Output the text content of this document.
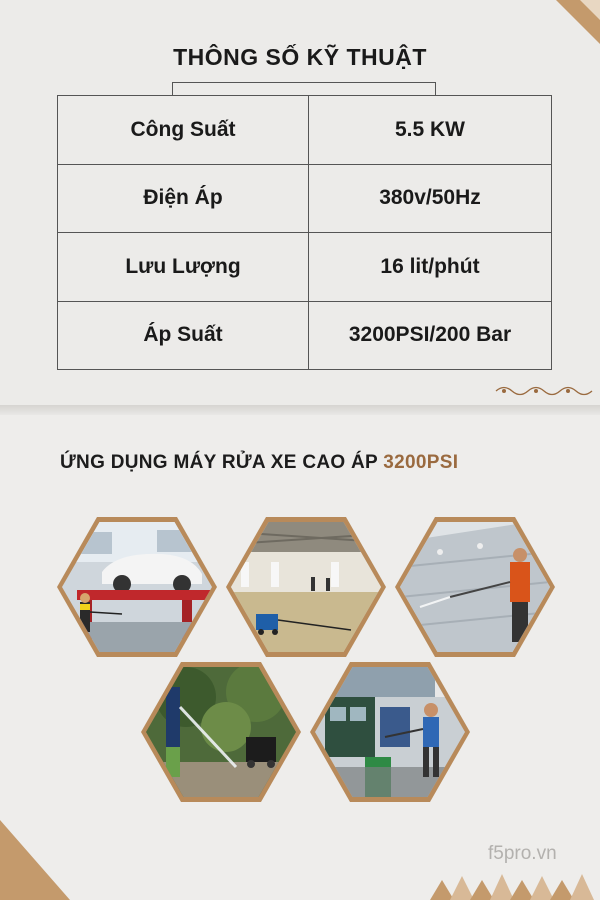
THÔNG SỐ KỸ THUẬT
Công Suất	5.5 KW
Điện Áp	380v/50Hz
Lưu Lượng	16 lit/phút
Áp Suất	3200PSI/200 Bar
ỨNG DỤNG MÁY RỬA XE CAO ÁP 3200PSI
f5pro.vn
